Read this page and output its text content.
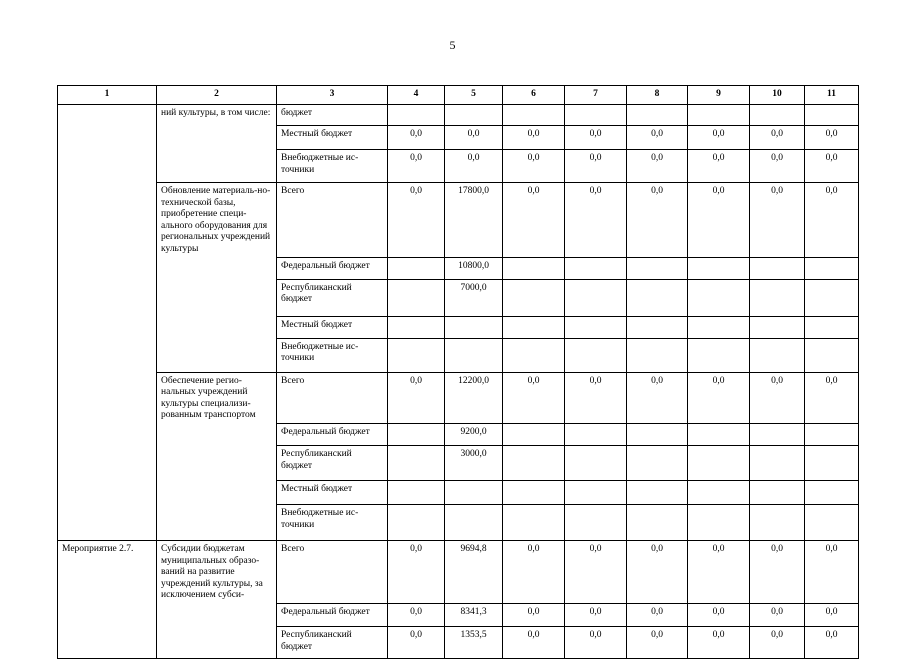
5
1	2	3	4	5	6	7	8	9	10	11
	ний культуры, в том числе:	бюджет								
		Местный бюджет	0,0	0,0	0,0	0,0	0,0	0,0	0,0	0,0
		Внебюджетные ис-точники	0,0	0,0	0,0	0,0	0,0	0,0	0,0	0,0
	Обновление материаль-но-технической базы, приобретение специ-ального оборудования для региональных учреждений культуры	Всего	0,0	17800,0	0,0	0,0	0,0	0,0	0,0	0,0
		Федеральный бюджет		10800,0						
		Республиканский бюджет		7000,0						
		Местный бюджет								
		Внебюджетные ис-точники								
	Обеспечение регио-нальных учреждений культуры специализи-рованным транспортом	Всего	0,0	12200,0	0,0	0,0	0,0	0,0	0,0	0,0
		Федеральный бюджет		9200,0						
		Республиканский бюджет		3000,0						
		Местный бюджет								
		Внебюджетные ис-точники								
Мероприятие 2.7.	Субсидии бюджетам муниципальных образо-ваний на развитие учреждений культуры, за исключением субси-	Всего	0,0	9694,8	0,0	0,0	0,0	0,0	0,0	0,0
		Федеральный бюджет	0,0	8341,3	0,0	0,0	0,0	0,0	0,0	0,0
		Республиканский бюджет	0,0	1353,5	0,0	0,0	0,0	0,0	0,0	0,0
